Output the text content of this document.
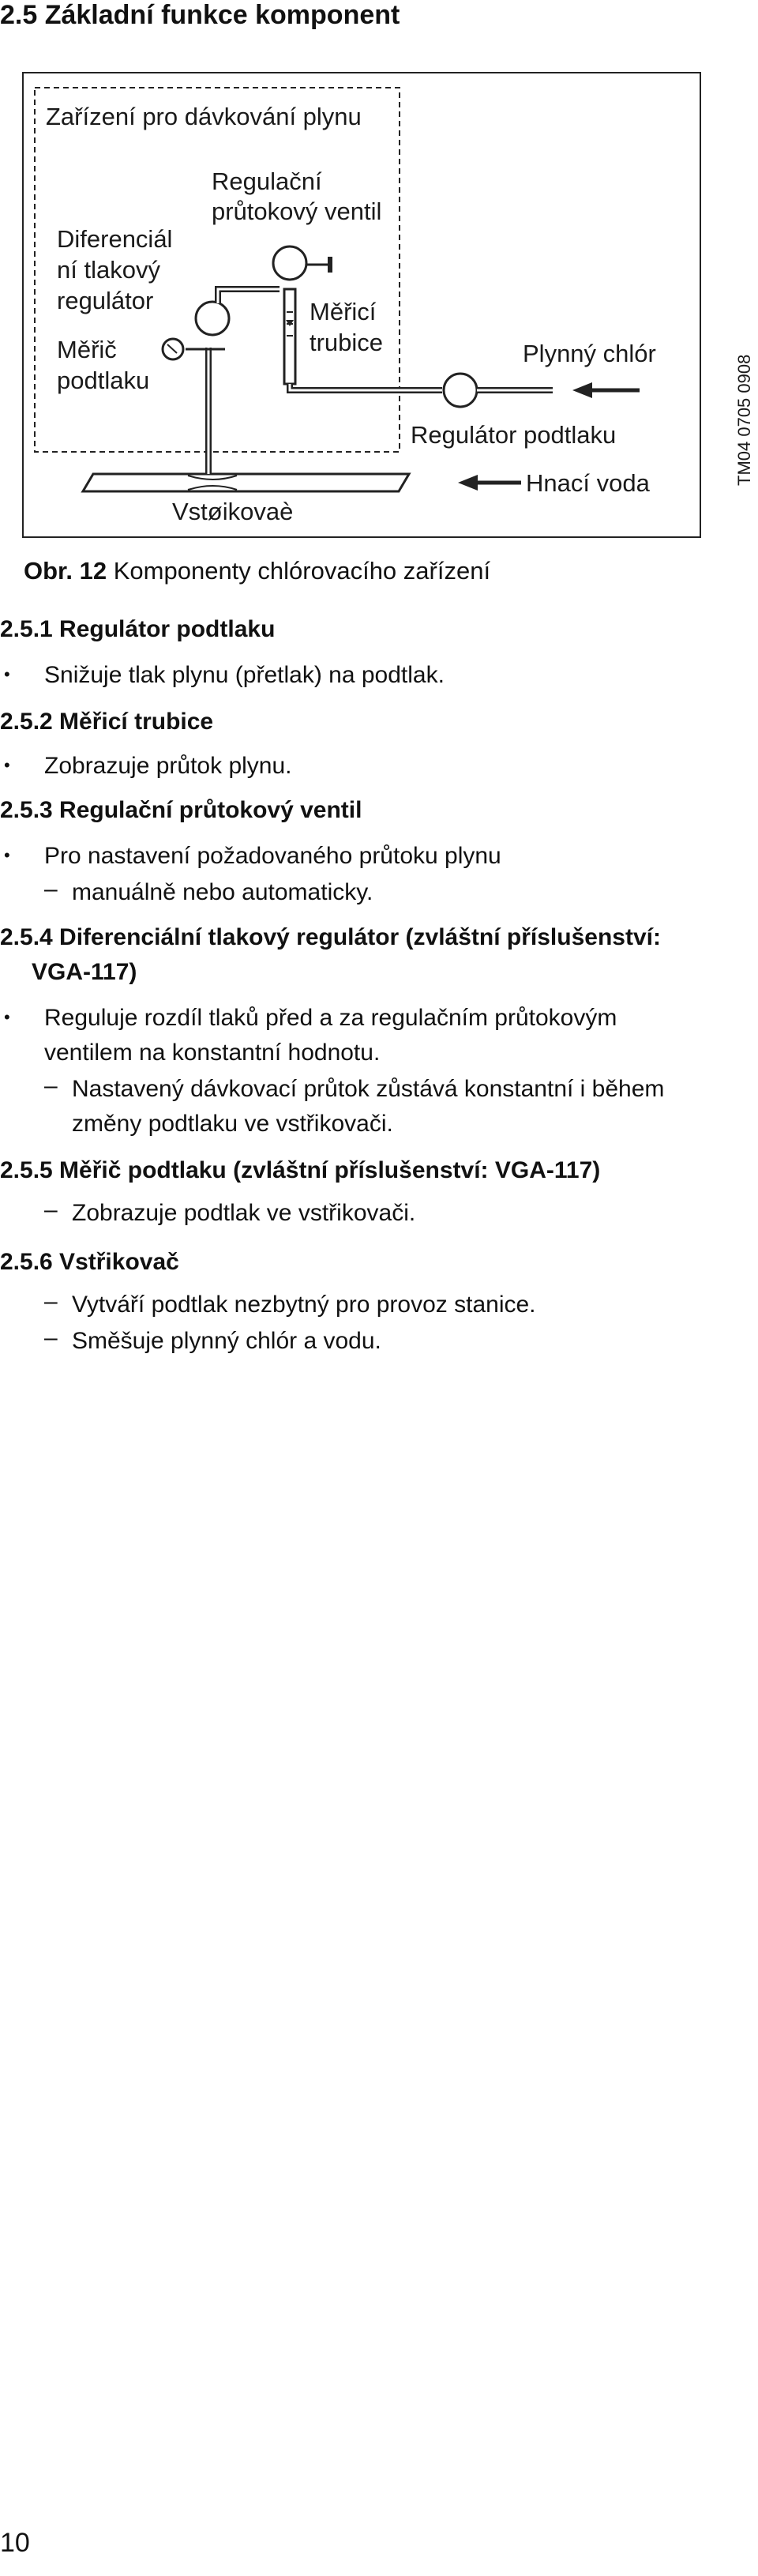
2.5 Základní funkce komponent
Zařízení pro dávkování plynu
Diferenciál
ní tlakový
regulátor
Měřič
podtlaku
Regulační
průtokový ventil
Měřicí
trubice	Plynný chlór
Regulátor podtlaku
Hnací voda
Vstøikovaè
TM04 0705 0908
Obr. 12 Komponenty chlórovacího zařízení
2.5.1 Regulátor podtlaku
• Snižuje tlak plynu (přetlak) na podtlak.
2.5.2 Měřicí trubice
• Zobrazuje průtok plynu.
2.5.3 Regulační průtokový ventil
• Pro nastavení požadovaného průtoku plynu
– manuálně nebo automaticky.
2.5.4 Diferenciální tlakový regulátor (zvláštní příslušenství:
VGA-117)
• Reguluje rozdíl tlaků před a za regulačním průtokovým
ventilem na konstantní hodnotu.
– Nastavený dávkovací průtok zůstává konstantní i během
změny podtlaku ve vstřikovači.
2.5.5 Měřič podtlaku (zvláštní příslušenství: VGA-117)
– Zobrazuje podtlak ve vstřikovači.
2.5.6 Vstřikovač
– Vytváří podtlak nezbytný pro provoz stanice.
– Směšuje plynný chlór a vodu.
10
